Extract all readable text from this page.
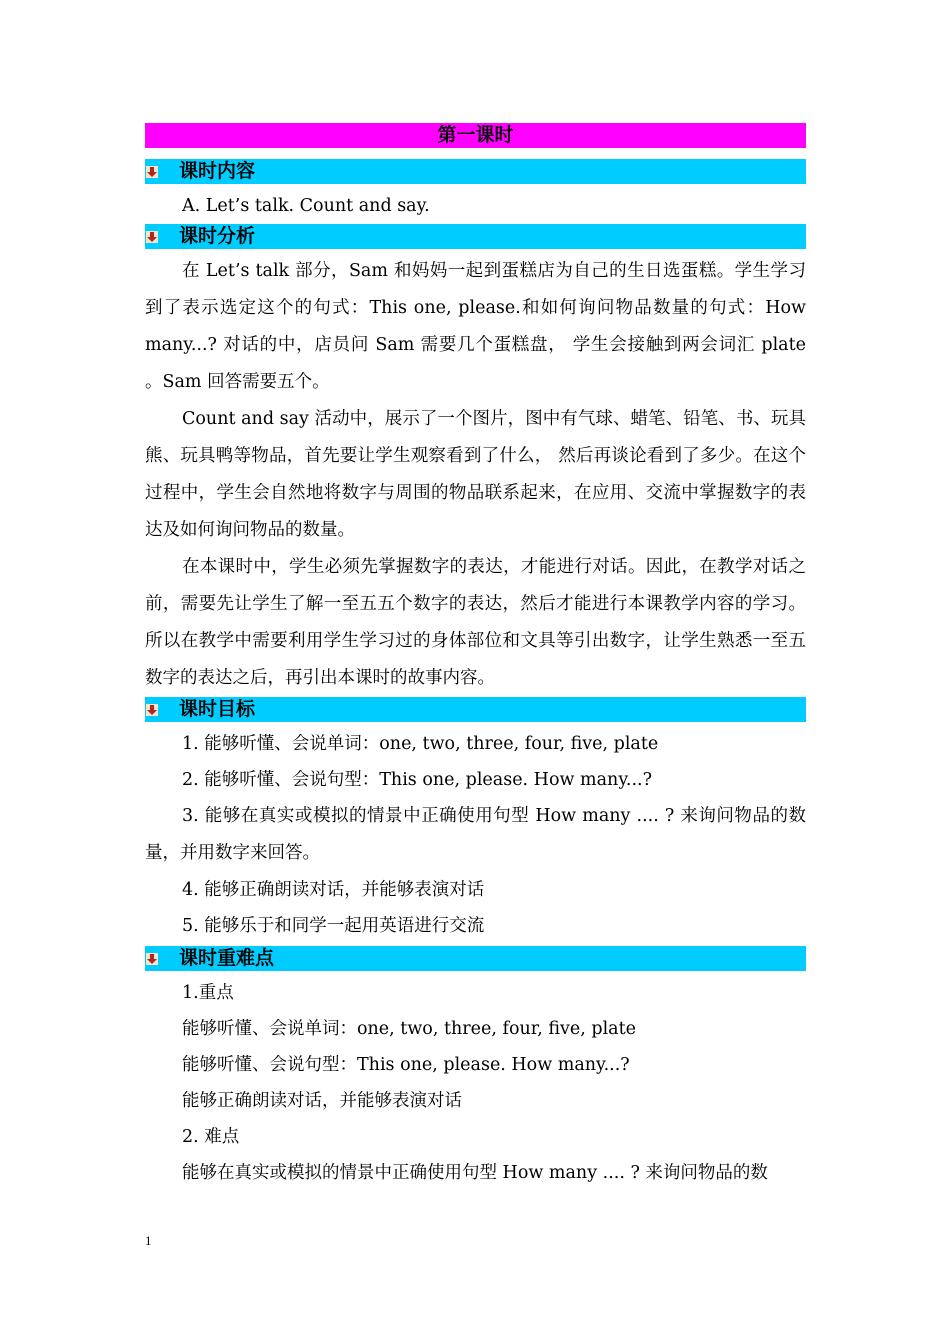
第一课时
课时内容

A. Let’s talk. Count and say.

课时分析

在 Let’s talk 部分，Sam 和妈妈一起到蛋糕店为自己的生日选蛋糕。学生学习到了表示选定这个的句式：This one, please.和如何询问物品数量的句式：How many...? 对话的中，店员问 Sam 需要几个蛋糕盘， 学生会接触到两会词汇 plate 。Sam 回答需要五个。

Count and say 活动中，展示了一个图片，图中有气球、蜡笔、铅笔、书、玩具熊、玩具鸭等物品，首先要让学生观察看到了什么， 然后再谈论看到了多少。在这个过程中，学生会自然地将数字与周围的物品联系起来，在应用、交流中掌握数字的表达及如何询问物品的数量。

在本课时中，学生必须先掌握数字的表达，才能进行对话。因此，在教学对话之前，需要先让学生了解一至五五个数字的表达，然后才能进行本课教学内容的学习。所以在教学中需要利用学生学习过的身体部位和文具等引出数字，让学生熟悉一至五数字的表达之后，再引出本课时的故事内容。

课时目标

1. 能够听懂、会说单词：one, two, three, four, five, plate

2. 能够听懂、会说句型：This one, please. How many...?

3. 能够在真实或模拟的情景中正确使用句型 How many .... ? 来询问物品的数量，并用数字来回答。

4. 能够正确朗读对话，并能够表演对话

5. 能够乐于和同学一起用英语进行交流

课时重难点

1.重点

能够听懂、会说单词：one, two, three, four, five, plate

能够听懂、会说句型：This one, please. How many...?

能够正确朗读对话，并能够表演对话

2. 难点

能够在真实或模拟的情景中正确使用句型 How many .... ? 来询问物品的数

1
